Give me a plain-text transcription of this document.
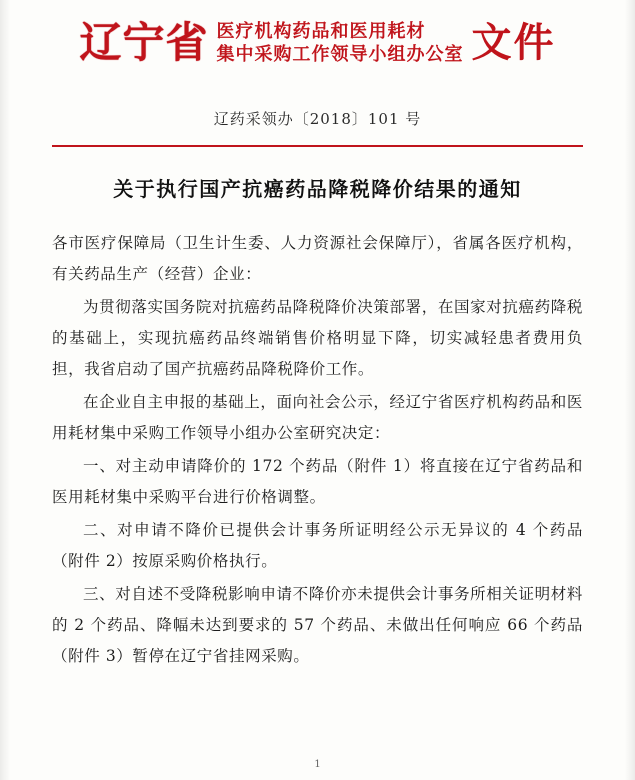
辽宁省 医疗机构药品和医用耗材
集中采购工作领导小组办公室 文件
辽药采领办〔2018〕101 号
关于执行国产抗癌药品降税降价结果的通知

各市医疗保障局（卫生计生委、人力资源社会保障厅），省属各医疗机构，有关药品生产（经营）企业：

为贯彻落实国务院对抗癌药品降税降价决策部署，在国家对抗癌药降税的基础上，实现抗癌药品终端销售价格明显下降，切实减轻患者费用负担，我省启动了国产抗癌药品降税降价工作。

在企业自主申报的基础上，面向社会公示，经辽宁省医疗机构药品和医用耗材集中采购工作领导小组办公室研究决定：

一、对主动申请降价的 172 个药品（附件 1）将直接在辽宁省药品和医用耗材集中采购平台进行价格调整。

二、对申请不降价已提供会计事务所证明经公示无异议的 4 个药品（附件 2）按原采购价格执行。

三、对自述不受降税影响申请不降价亦未提供会计事务所相关证明材料的 2 个药品、降幅未达到要求的 57 个药品、未做出任何响应 66 个药品（附件 3）暂停在辽宁省挂网采购。

1
